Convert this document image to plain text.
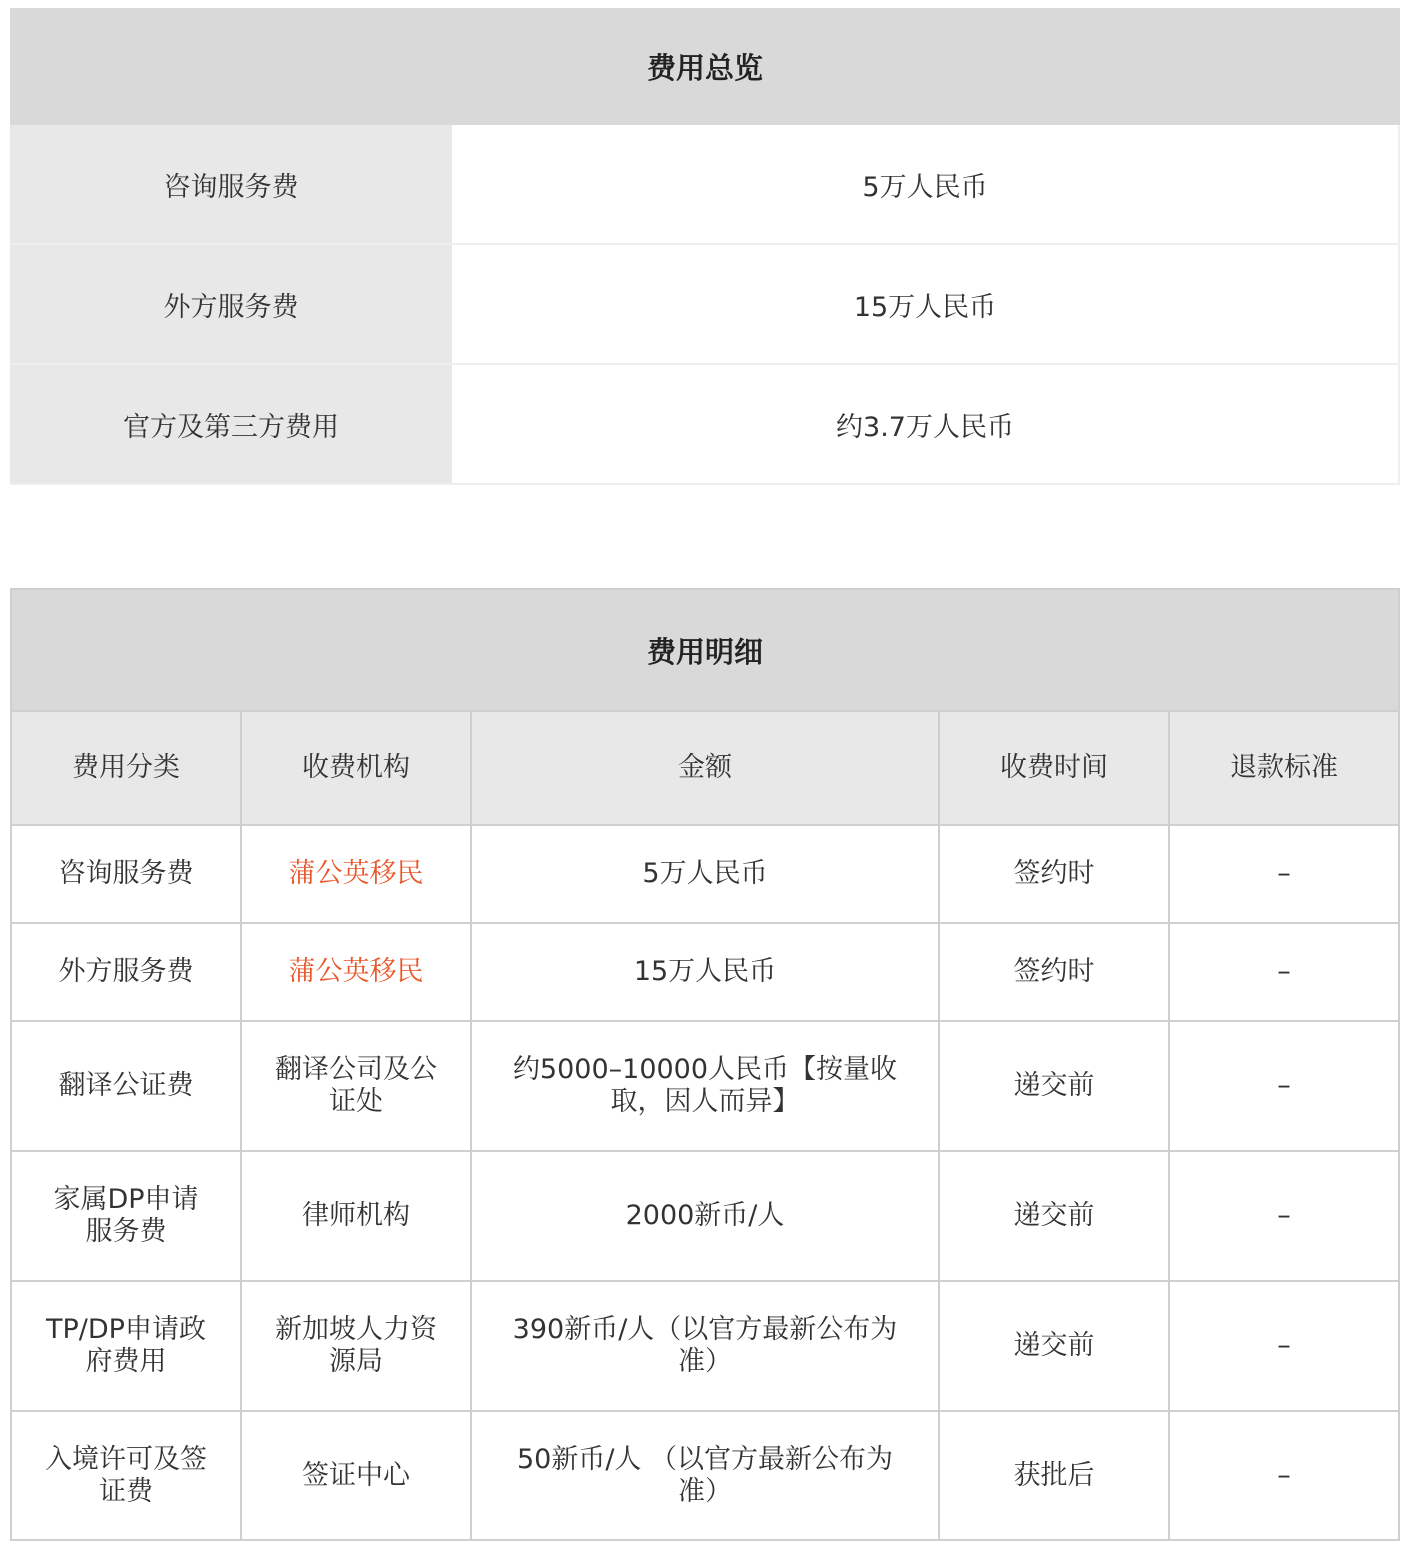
费用总览
咨询服务费	5万人民币
外方服务费	15万人民币
官方及第三方费用	约3.7万人民币
费用明细
费用分类	收费机构	金额	收费时间	退款标准
咨询服务费	蒲公英移民	5万人民币	签约时	–
外方服务费	蒲公英移民	15万人民币	签约时	–
翻译公证费	翻译公司及公证处	约5000–10000人民币【按量收取，因人而异】	递交前	–
家属DP申请服务费	律师机构	2000新币/人	递交前	–
TP/DP申请政府费用	新加坡人力资源局	390新币/人（以官方最新公布为准）	递交前	–
入境许可及签证费	签证中心	50新币/人 （以官方最新公布为准）	获批后	–
